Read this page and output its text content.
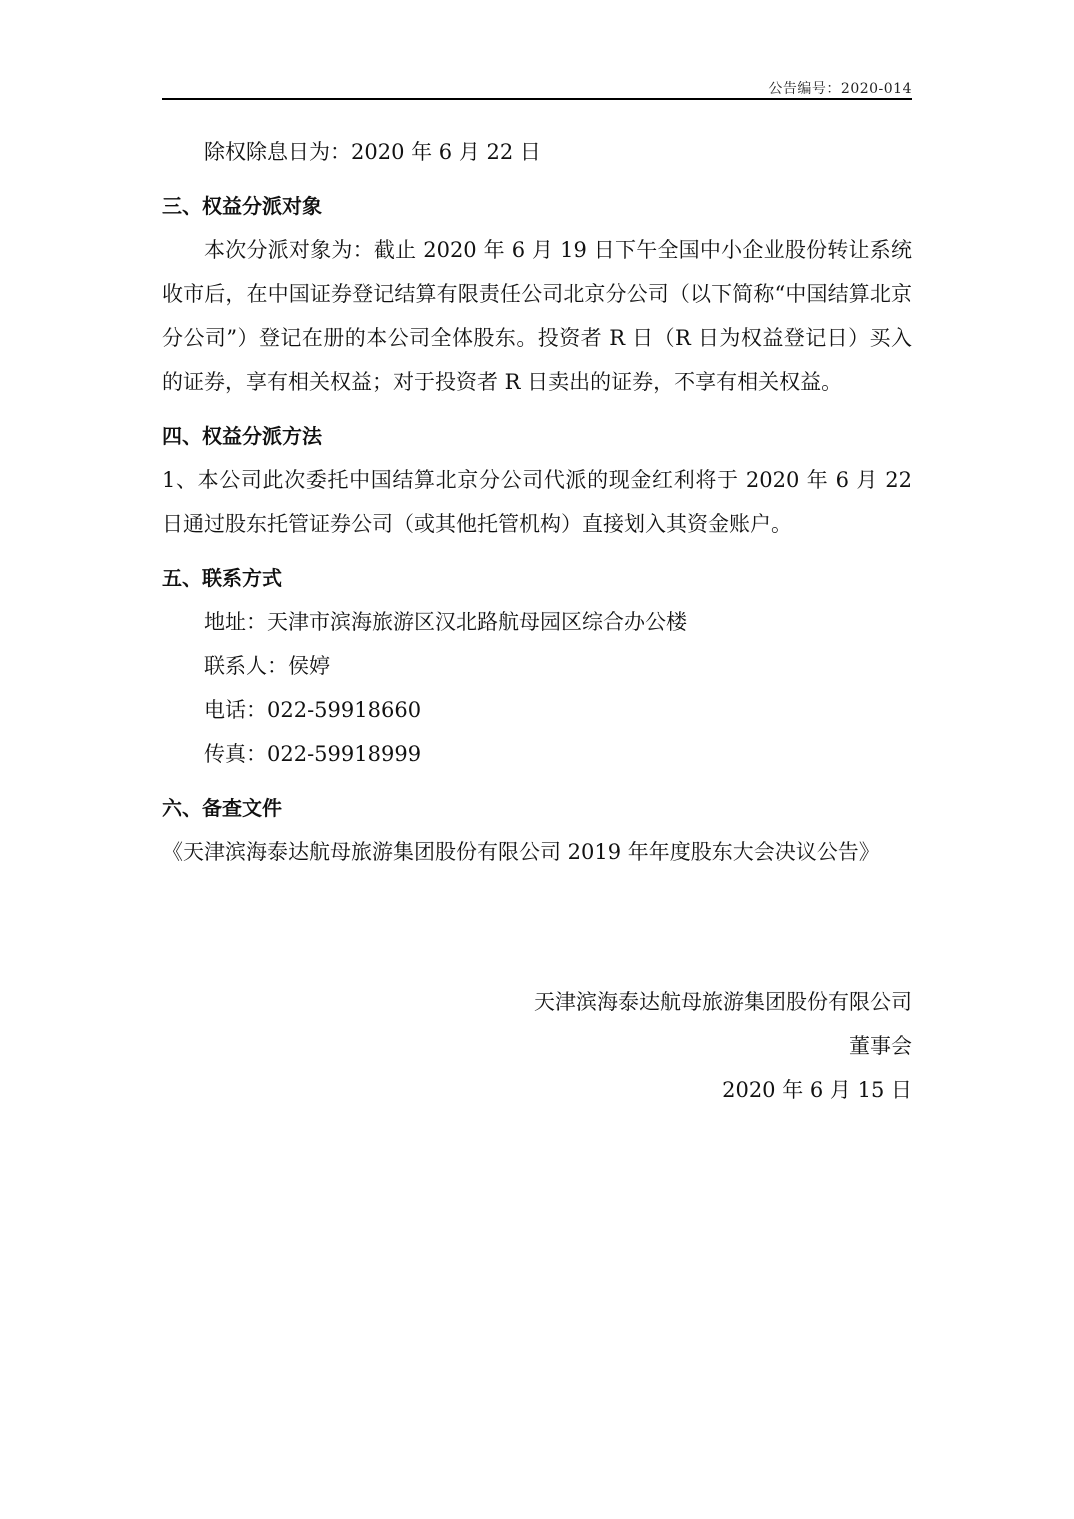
公告编号：2020-014

除权除息日为：2020 年 6 月 22 日

三、权益分派对象

本次分派对象为：截止 2020 年 6 月 19 日下午全国中小企业股份转让系统收市后，在中国证券登记结算有限责任公司北京分公司（以下简称“中国结算北京分公司”）登记在册的本公司全体股东。投资者 R 日（R 日为权益登记日）买入的证券，享有相关权益；对于投资者 R 日卖出的证券，不享有相关权益。

四、权益分派方法

1、本公司此次委托中国结算北京分公司代派的现金红利将于 2020 年 6 月 22 日通过股东托管证券公司（或其他托管机构）直接划入其资金账户。

五、联系方式

地址：天津市滨海旅游区汉北路航母园区综合办公楼

联系人：侯婷

电话：022-59918660

传真：022-59918999

六、备查文件

《天津滨海泰达航母旅游集团股份有限公司 2019 年年度股东大会决议公告》

天津滨海泰达航母旅游集团股份有限公司

董事会

2020 年 6 月 15 日
